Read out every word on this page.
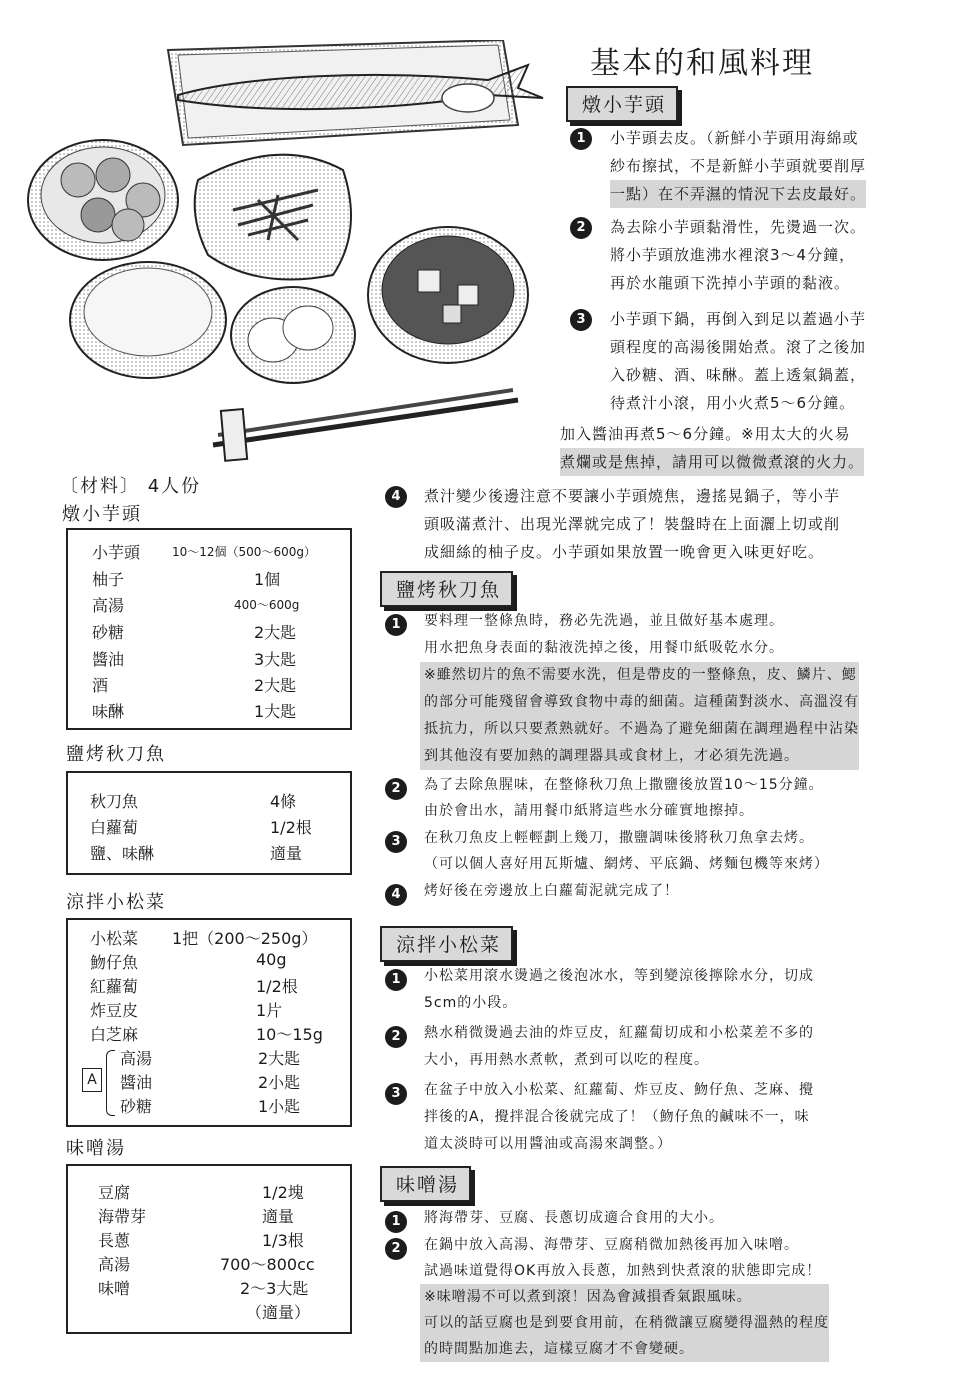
基本的和風料理
〔材料〕 4人份
燉小芋頭
小芋頭	10～12個（500～600g）
柚子	1個
高湯	400～600g
砂糖	2大匙
醬油	3大匙
酒	2大匙
味醂	1大匙
鹽烤秋刀魚
秋刀魚	4條
白蘿蔔	1/2根
鹽、味醂	適量
涼拌小松菜
小松菜 1把（200～250g）
魩仔魚	40g
紅蘿蔔	1/2根
炸豆皮	1片
白芝麻	10～15g
A
高湯	2大匙
醬油	2小匙
砂糖	1小匙
味噌湯
豆腐	1/2塊
海帶芽	適量
長蔥	1/3根
高湯	700～800cc
味噌	2～3大匙
（適量）
燉小芋頭
1	小芋頭去皮。（新鮮小芋頭用海綿或
紗布擦拭，不是新鮮小芋頭就要削厚
一點）在不弄濕的情況下去皮最好。
2	為去除小芋頭黏滑性，先燙過一次。
將小芋頭放進沸水裡滾3～4分鐘，
再於水龍頭下洗掉小芋頭的黏液。
3	小芋頭下鍋，再倒入到足以蓋過小芋
頭程度的高湯後開始煮。滾了之後加
入砂糖、酒、味醂。蓋上透氣鍋蓋，
待煮汁小滾，用小火煮5～6分鐘。
加入醬油再煮5～6分鐘。※用太大的火易
煮爛或是焦掉，請用可以微微煮滾的火力。
4	煮汁變少後邊注意不要讓小芋頭燒焦，邊搖晃鍋子，等小芋
頭吸滿煮汁、出現光澤就完成了！裝盤時在上面灑上切或削
成細絲的柚子皮。小芋頭如果放置一晚會更入味更好吃。
鹽烤秋刀魚
1	要料理一整條魚時，務必先洗過，並且做好基本處理。
用水把魚身表面的黏液洗掉之後，用餐巾紙吸乾水分。
※雖然切片的魚不需要水洗，但是帶皮的一整條魚，皮、鱗片、鰓
的部分可能殘留會導致食物中毒的細菌。這種菌對淡水、高溫沒有
抵抗力，所以只要煮熟就好。不過為了避免細菌在調理過程中沾染
到其他沒有要加熱的調理器具或食材上，才必須先洗過。
2	為了去除魚腥味，在整條秋刀魚上撒鹽後放置10～15分鐘。
由於會出水，請用餐巾紙將這些水分確實地擦掉。
3	在秋刀魚皮上輕輕劃上幾刀，撒鹽調味後將秋刀魚拿去烤。
（可以個人喜好用瓦斯爐、網烤、平底鍋、烤麵包機等來烤）
4	烤好後在旁邊放上白蘿蔔泥就完成了！
涼拌小松菜
1	小松菜用滾水燙過之後泡冰水，等到變涼後擰除水分，切成
5cm的小段。
2	熱水稍微燙過去油的炸豆皮，紅蘿蔔切成和小松菜差不多的
大小，再用熱水煮軟，煮到可以吃的程度。
3	在盆子中放入小松菜、紅蘿蔔、炸豆皮、魩仔魚、芝麻、攪
拌後的A，攪拌混合後就完成了！（魩仔魚的鹹味不一，味
道太淡時可以用醬油或高湯來調整。）
味噌湯
1	將海帶芽、豆腐、長蔥切成適合食用的大小。
2	在鍋中放入高湯、海帶芽、豆腐稍微加熱後再加入味噌。
試過味道覺得OK再放入長蔥，加熱到快煮滾的狀態即完成！
※味噌湯不可以煮到滾！因為會減損香氣跟風味。
可以的話豆腐也是到要食用前，在稍微讓豆腐變得溫熱的程度
的時間點加進去，這樣豆腐才不會變硬。
